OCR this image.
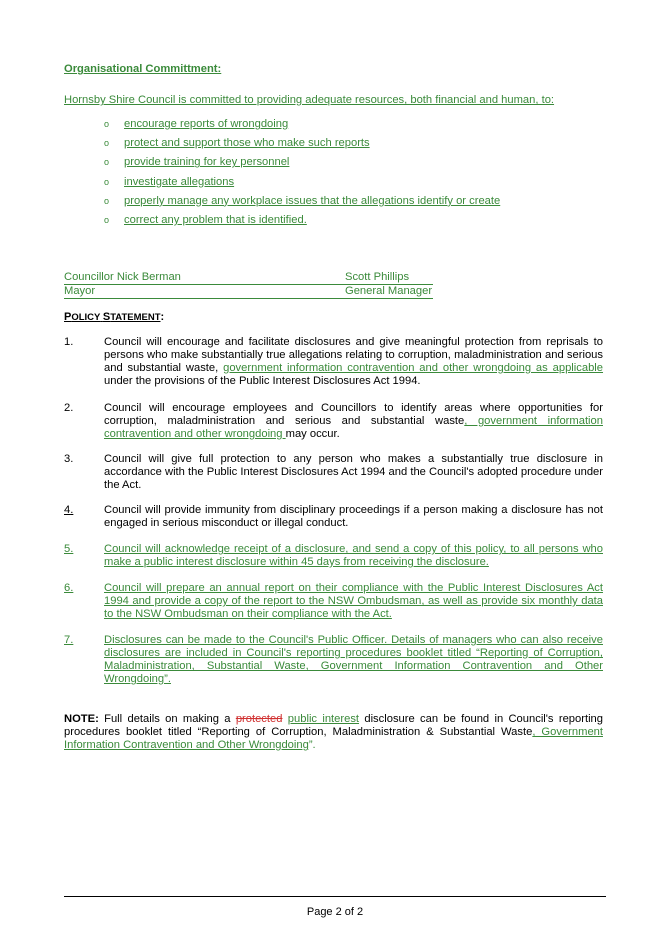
Organisational Committment:
Hornsby Shire Council is committed to providing adequate resources, both financial and human, to:
o	encourage reports of wrongdoing
o	protect and support those who make such reports
o	provide training for key personnel
o	investigate allegations
o	properly manage any workplace issues that the allegations identify or create
o	correct any problem that is identified.
Councillor Nick Berman	Scott Phillips
Mayor	General Manager
POLICY STATEMENT:
1.	Council will encourage and facilitate disclosures and give meaningful protection from reprisals to persons who make substantially true allegations relating to corruption, maladministration and serious and substantial waste, government information contravention and other wrongdoing as applicable under the provisions of the Public Interest Disclosures Act 1994.
2.	Council will encourage employees and Councillors to identify areas where opportunities for corruption, maladministration and serious and substantial waste, government information contravention and other wrongdoing may occur.
3.	Council will give full protection to any person who makes a substantially true disclosure in accordance with the Public Interest Disclosures Act 1994 and the Council's adopted procedure under the Act.
4.	Council will provide immunity from disciplinary proceedings if a person making a disclosure has not engaged in serious misconduct or illegal conduct.
5.	Council will acknowledge receipt of a disclosure, and send a copy of this policy, to all persons who make a public interest disclosure within 45 days from receiving the disclosure.
6.	Council will prepare an annual report on their compliance with the Public Interest Disclosures Act 1994 and provide a copy of the report to the NSW Ombudsman, as well as provide six monthly data to the NSW Ombudsman on their compliance with the Act.
7.	Disclosures can be made to the Council's Public Officer. Details of managers who can also receive disclosures are included in Council's reporting procedures booklet titled “Reporting of Corruption, Maladministration, Substantial Waste, Government Information Contravention and Other Wrongdoing”.
NOTE: Full details on making a protected public interest disclosure can be found in Council's reporting procedures booklet titled “Reporting of Corruption, Maladministration & Substantial Waste, Government Information Contravention and Other Wrongdoing”.
Page 2 of 2
